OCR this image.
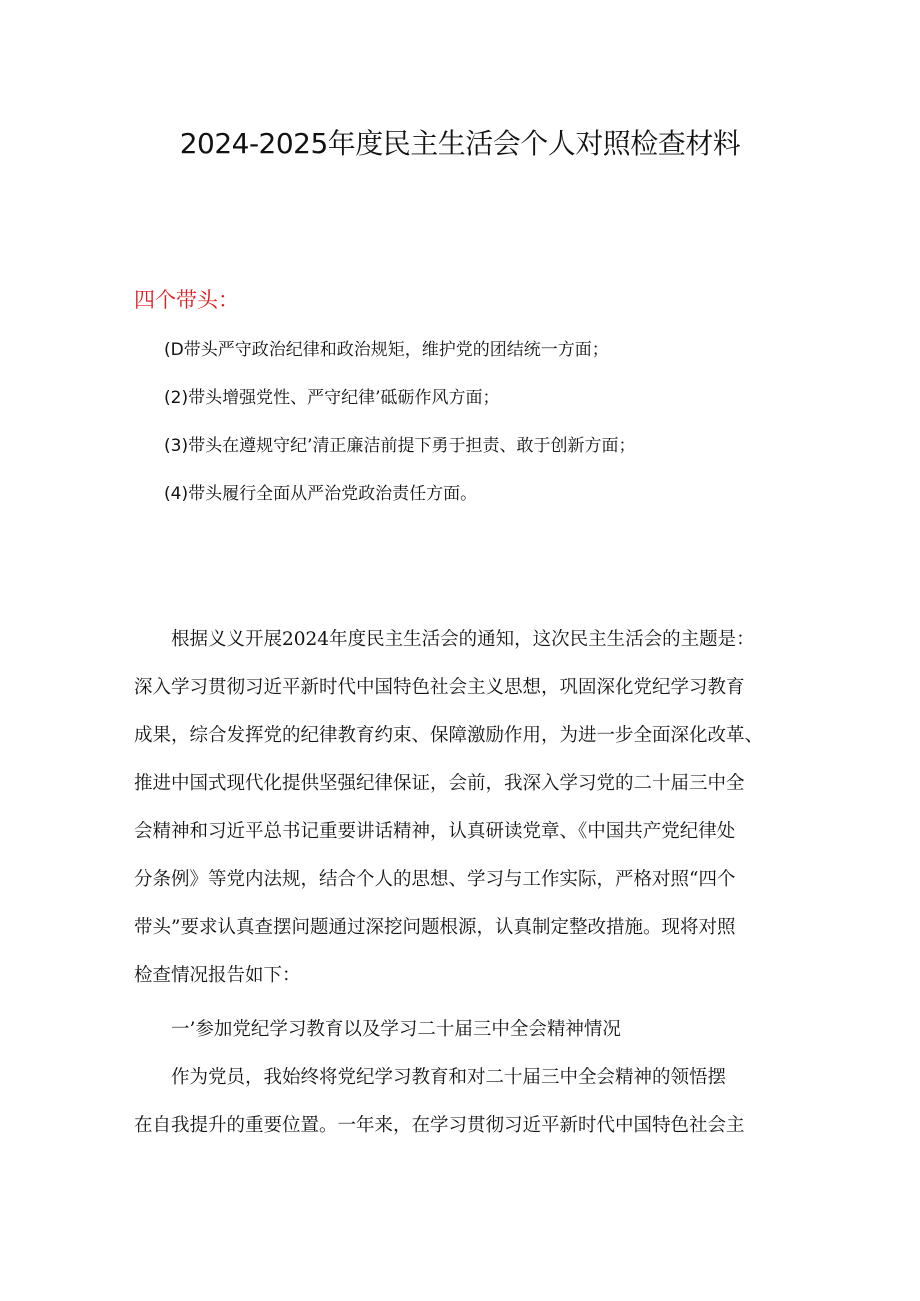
2024-2025年度民主生活会个人对照检查材料
四个带头：
(D带头严守政治纪律和政治规矩，维护党的团结统一方面；
(2)带头增强党性、严守纪律’砥砺作风方面；
(3)带头在遵规守纪’清正廉洁前提下勇于担责、敢于创新方面；
(4)带头履行全面从严治党政治责任方面。
　　根据义义开展2024年度民主生活会的通知，这次民主生活会的主题是：
深入学习贯彻习近平新时代中国特色社会主义思想，巩固深化党纪学习教育
成果，综合发挥党的纪律教育约束、保障激励作用，为进一步全面深化改革、
推进中国式现代化提供坚强纪律保证，会前，我深入学习党的二十届三中全
会精神和习近平总书记重要讲话精神，认真研读党章、《中国共产党纪律处
分条例》等党内法规，结合个人的思想、学习与工作实际，严格对照“四个
带头”要求认真查摆问题通过深挖问题根源，认真制定整改措施。现将对照
检查情况报告如下：
　　一’参加党纪学习教育以及学习二十届三中全会精神情况
　　作为党员，我始终将党纪学习教育和对二十届三中全会精神的领悟摆
在自我提升的重要位置。一年来，在学习贯彻习近平新时代中国特色社会主
